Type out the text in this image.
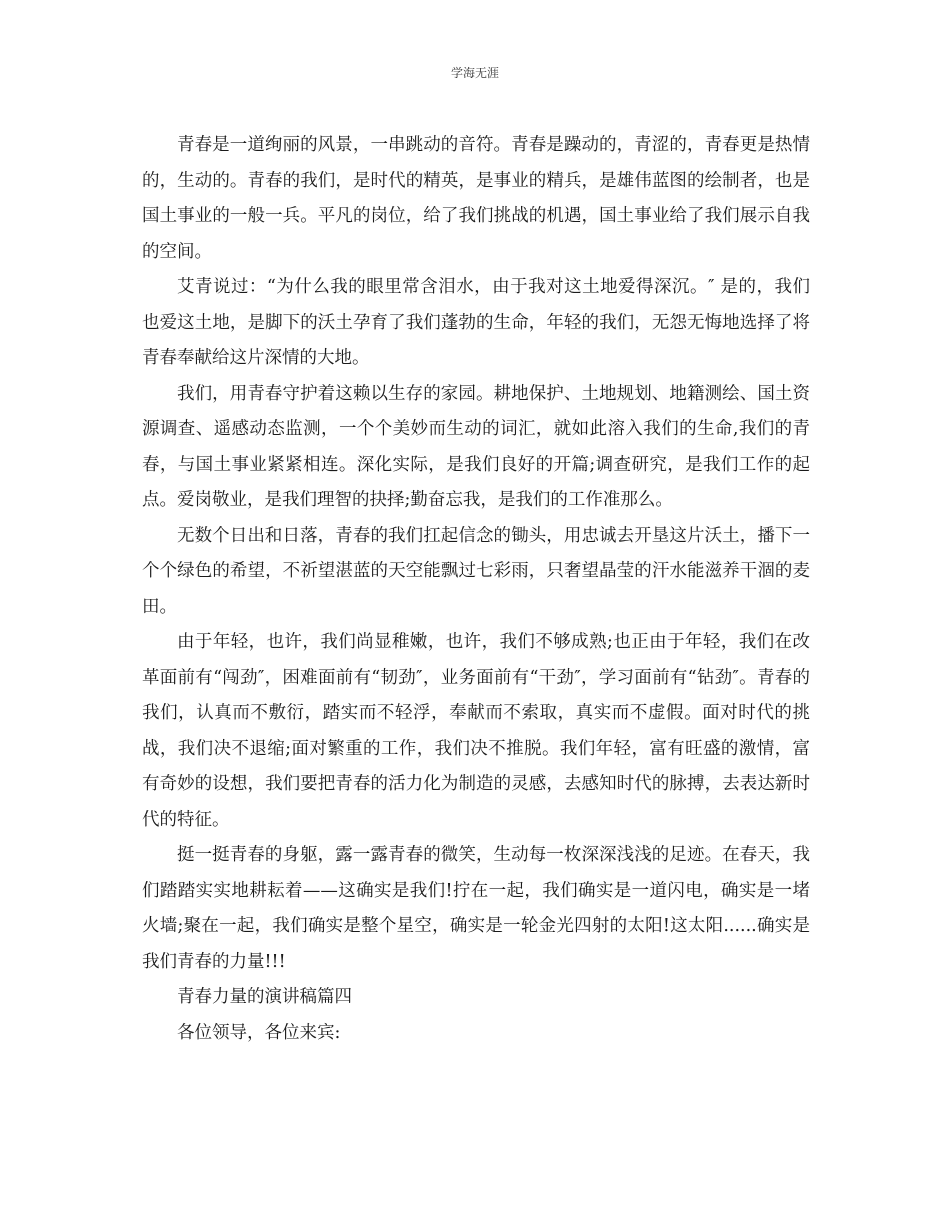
学海无涯

青春是一道绚丽的风景，一串跳动的音符。青春是躁动的，青涩的，青春更是热情的，生动的。青春的我们，是时代的精英，是事业的精兵，是雄伟蓝图的绘制者，也是国土事业的一般一兵。平凡的岗位，给了我们挑战的机遇，国土事业给了我们展示自我的空间。

艾青说过：“为什么我的眼里常含泪水，由于我对这土地爱得深沉。″ 是的，我们也爱这土地，是脚下的沃土孕育了我们蓬勃的生命，年轻的我们，无怨无悔地选择了将青春奉献给这片深情的大地。

我们，用青春守护着这赖以生存的家园。耕地保护、土地规划、地籍测绘、国土资源调查、遥感动态监测，一个个美妙而生动的词汇，就如此溶入我们的生命,我们的青春，与国土事业紧紧相连。深化实际，是我们良好的开篇;调查研究，是我们工作的起点。爱岗敬业，是我们理智的抉择;勤奋忘我，是我们的工作准那么。

无数个日出和日落，青春的我们扛起信念的锄头，用忠诚去开垦这片沃土，播下一个个绿色的希望，不祈望湛蓝的天空能飘过七彩雨，只奢望晶莹的汗水能滋养干涸的麦田。

由于年轻，也许，我们尚显稚嫩，也许，我们不够成熟;也正由于年轻，我们在改革面前有“闯劲″，困难面前有“韧劲″，业务面前有“干劲″，学习面前有“钻劲″。青春的我们，认真而不敷衍，踏实而不轻浮，奉献而不索取，真实而不虚假。面对时代的挑战，我们决不退缩;面对繁重的工作，我们决不推脱。我们年轻，富有旺盛的激情，富有奇妙的设想，我们要把青春的活力化为制造的灵感，去感知时代的脉搏，去表达新时代的特征。

挺一挺青春的身躯，露一露青春的微笑，生动每一枚深深浅浅的足迹。在春天，我们踏踏实实地耕耘着——这确实是我们!拧在一起，我们确实是一道闪电，确实是一堵火墙;聚在一起，我们确实是整个星空，确实是一轮金光四射的太阳!这太阳......确实是我们青春的力量!!!

青春力量的演讲稿篇四

各位领导，各位来宾:
